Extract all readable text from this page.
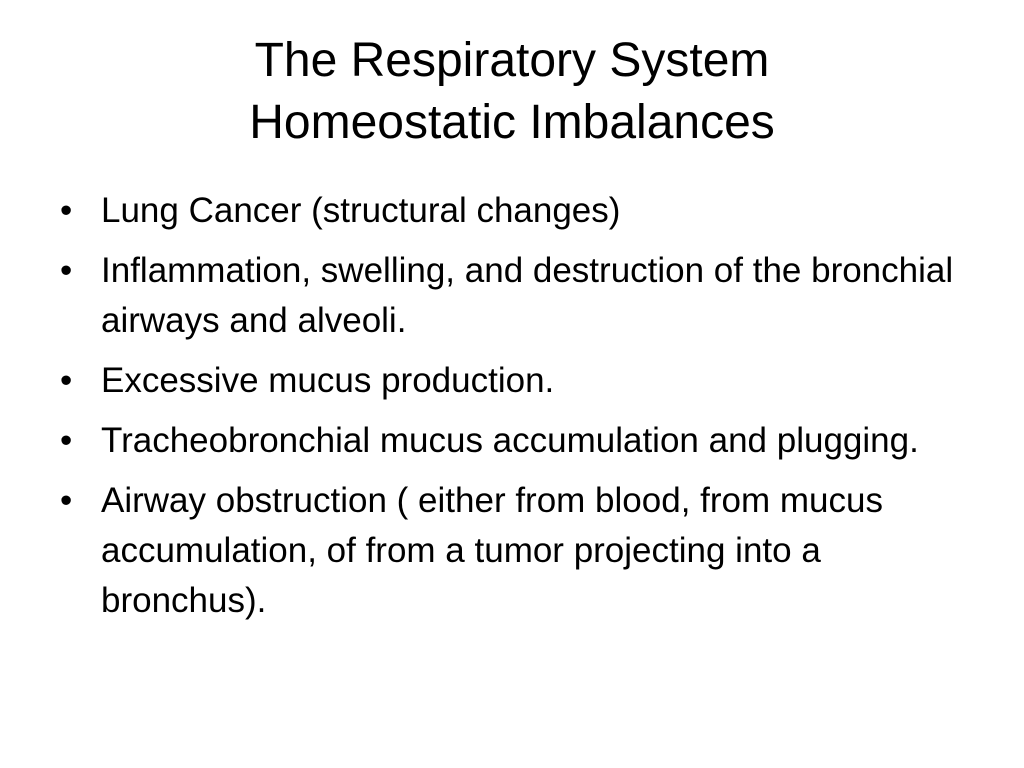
The Respiratory System
Homeostatic Imbalances
• Lung Cancer (structural changes)
• Inflammation, swelling, and destruction of the bronchial airways and alveoli.
• Excessive mucus production.
• Tracheobronchial mucus accumulation and plugging.
• Airway obstruction ( either from blood, from mucus accumulation, of from a tumor projecting into a bronchus).
